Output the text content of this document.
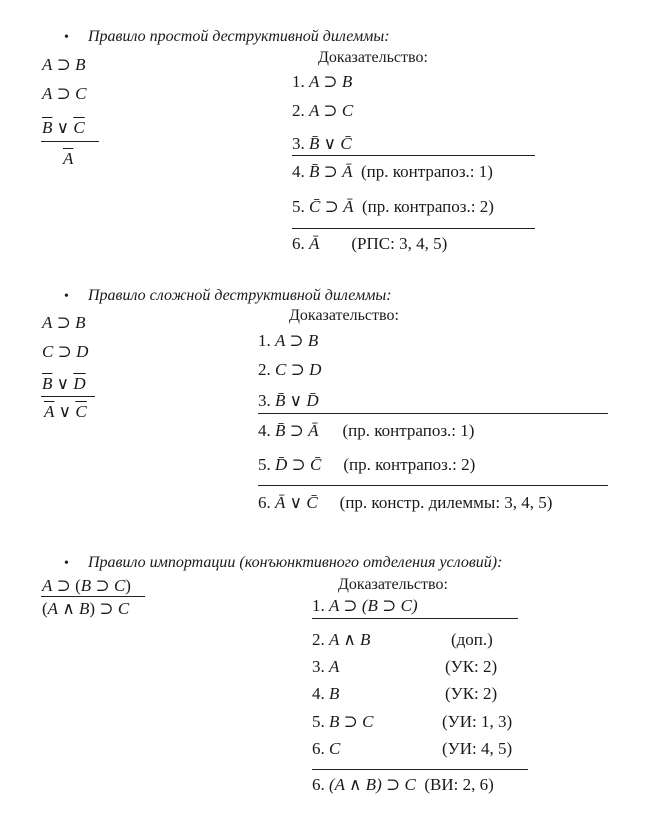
• Правило простой деструктивной дилеммы:
A ⊃ B
A ⊃ C
$\overline{B}$ ∨ $\overline{C}$
$\overline{A}$
Доказательство:
1. A ⊃ B
2. A ⊃ C
3. B̄ ∨ C̄
4. B̄ ⊃ Ā (пр. контрапоз.: 1)
5. C̄ ⊃ Ā (пр. контрапоз.: 2)
6. Ā (РПС: 3, 4, 5)
• Правило сложной деструктивной дилеммы:
A ⊃ B
C ⊃ D
$\overline{B}$ ∨ $\overline{D}$
$\overline{A}$ ∨ $\overline{C}$
Доказательство:
1. A ⊃ B
2. C ⊃ D
3. B̄ ∨ D̄
4. B̄ ⊃ Ā (пр. контрапоз.: 1)
5. D̄ ⊃ C̄ (пр. контрапоз.: 2)
6. Ā ∨ C̄ (пр. констр. дилеммы: 3, 4, 5)
• Правило импортации (конъюнктивного отделения условий):
A ⊃ (B ⊃ C)
(A ∧ B) ⊃ C
Доказательство:
1. A ⊃ (B ⊃ C)
2. A ∧ B	(доп.)
3. A	(УК: 2)
4. B	(УК: 2)
5. B ⊃ C	(УИ: 1, 3)
6. C	(УИ: 4, 5)
6. (A ∧ B) ⊃ C (ВИ: 2, 6)
